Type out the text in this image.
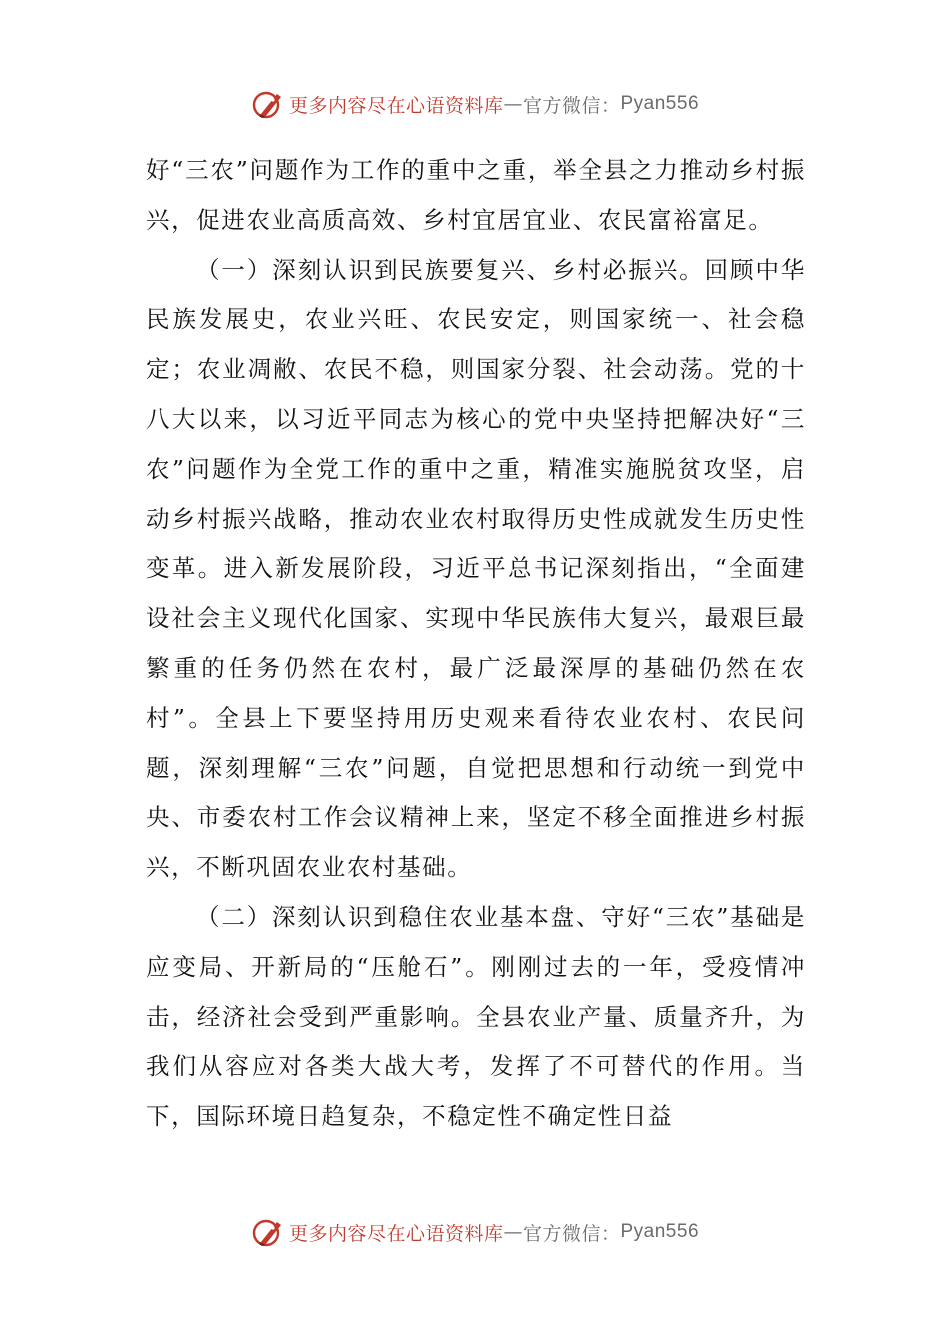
更多内容尽在心语资料库 — 官方微信： Pyan556

好“三农”问题作为工作的重中之重，举全县之力推动乡村振兴，促进农业高质高效、乡村宜居宜业、农民富裕富足。

（一）深刻认识到民族要复兴、乡村必振兴。回顾中华民族发展史，农业兴旺、农民安定，则国家统一、社会稳定；农业凋敝、农民不稳，则国家分裂、社会动荡。党的十八大以来，以习近平同志为核心的党中央坚持把解决好“三农”问题作为全党工作的重中之重，精准实施脱贫攻坚，启动乡村振兴战略，推动农业农村取得历史性成就发生历史性变革。进入新发展阶段，习近平总书记深刻指出，“全面建设社会主义现代化国家、实现中华民族伟大复兴，最艰巨最繁重的任务仍然在农村，最广泛最深厚的基础仍然在农村”。全县上下要坚持用历史观来看待农业农村、农民问题，深刻理解“三农”问题，自觉把思想和行动统一到党中央、市委农村工作会议精神上来，坚定不移全面推进乡村振兴，不断巩固农业农村基础。

（二）深刻认识到稳住农业基本盘、守好“三农”基础是应变局、开新局的“压舱石”。刚刚过去的一年，受疫情冲击，经济社会受到严重影响。全县农业产量、质量齐升，为我们从容应对各类大战大考，发挥了不可替代的作用。当下，国际环境日趋复杂，不稳定性不确定性日益

更多内容尽在心语资料库 — 官方微信： Pyan556
